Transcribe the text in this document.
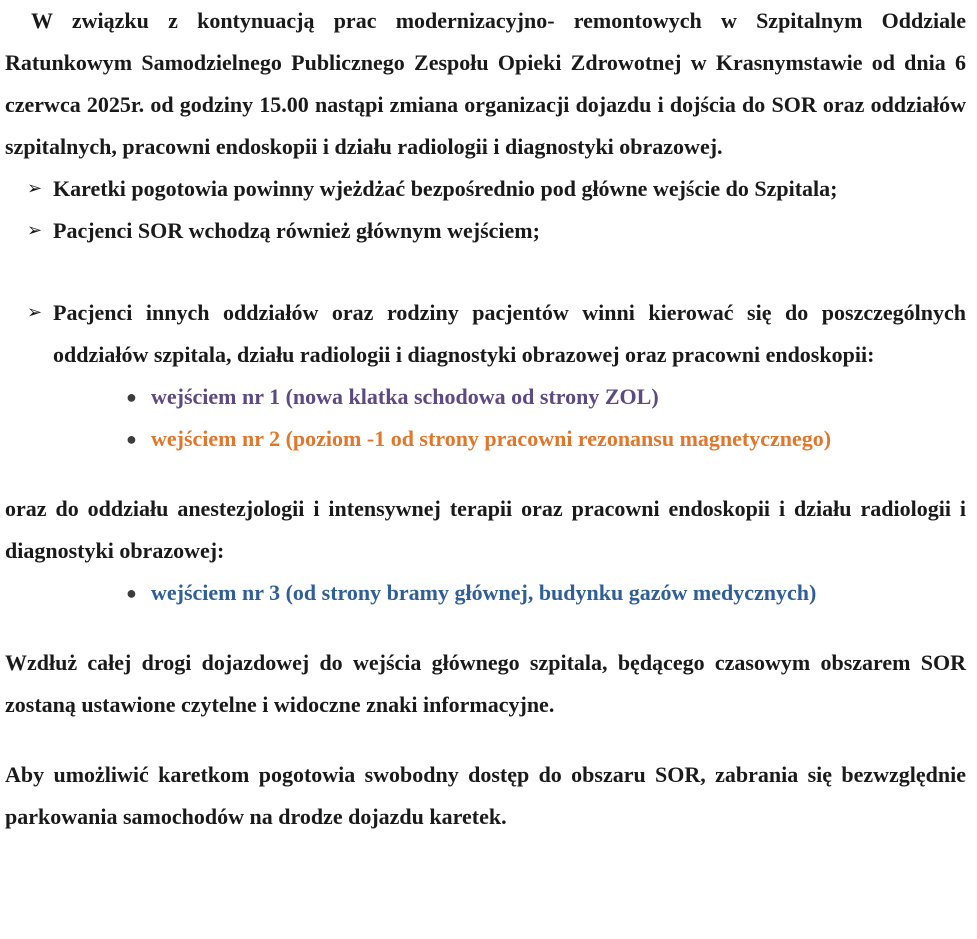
W związku z kontynuacją prac modernizacyjno- remontowych w Szpitalnym Oddziale Ratunkowym Samodzielnego Publicznego Zespołu Opieki Zdrowotnej w Krasnymstawie od dnia 6 czerwca 2025r. od godziny 15.00 nastąpi zmiana organizacji dojazdu i dojścia do SOR oraz oddziałów szpitalnych, pracowni endoskopii i działu radiologii i diagnostyki obrazowej.

➢ Karetki pogotowia powinny wjeżdżać bezpośrednio pod główne wejście do Szpitala;
➢ Pacjenci SOR wchodzą również głównym wejściem;
➢ Pacjenci innych oddziałów oraz rodziny pacjentów winni kierować się do poszczególnych oddziałów szpitala, działu radiologii i diagnostyki obrazowej oraz pracowni endoskopii:
● wejściem nr 1 (nowa klatka schodowa od strony ZOL)
● wejściem nr 2 (poziom -1 od strony pracowni rezonansu magnetycznego)

oraz do oddziału anestezjologii i intensywnej terapii oraz pracowni endoskopii i działu radiologii i diagnostyki obrazowej:

● wejściem nr 3 (od strony bramy głównej, budynku gazów medycznych)

Wzdłuż całej drogi dojazdowej do wejścia głównego szpitala, będącego czasowym obszarem SOR zostaną ustawione czytelne i widoczne znaki informacyjne.

Aby umożliwić karetkom pogotowia swobodny dostęp do obszaru SOR, zabrania się bezwzględnie parkowania samochodów na drodze dojazdu karetek.
